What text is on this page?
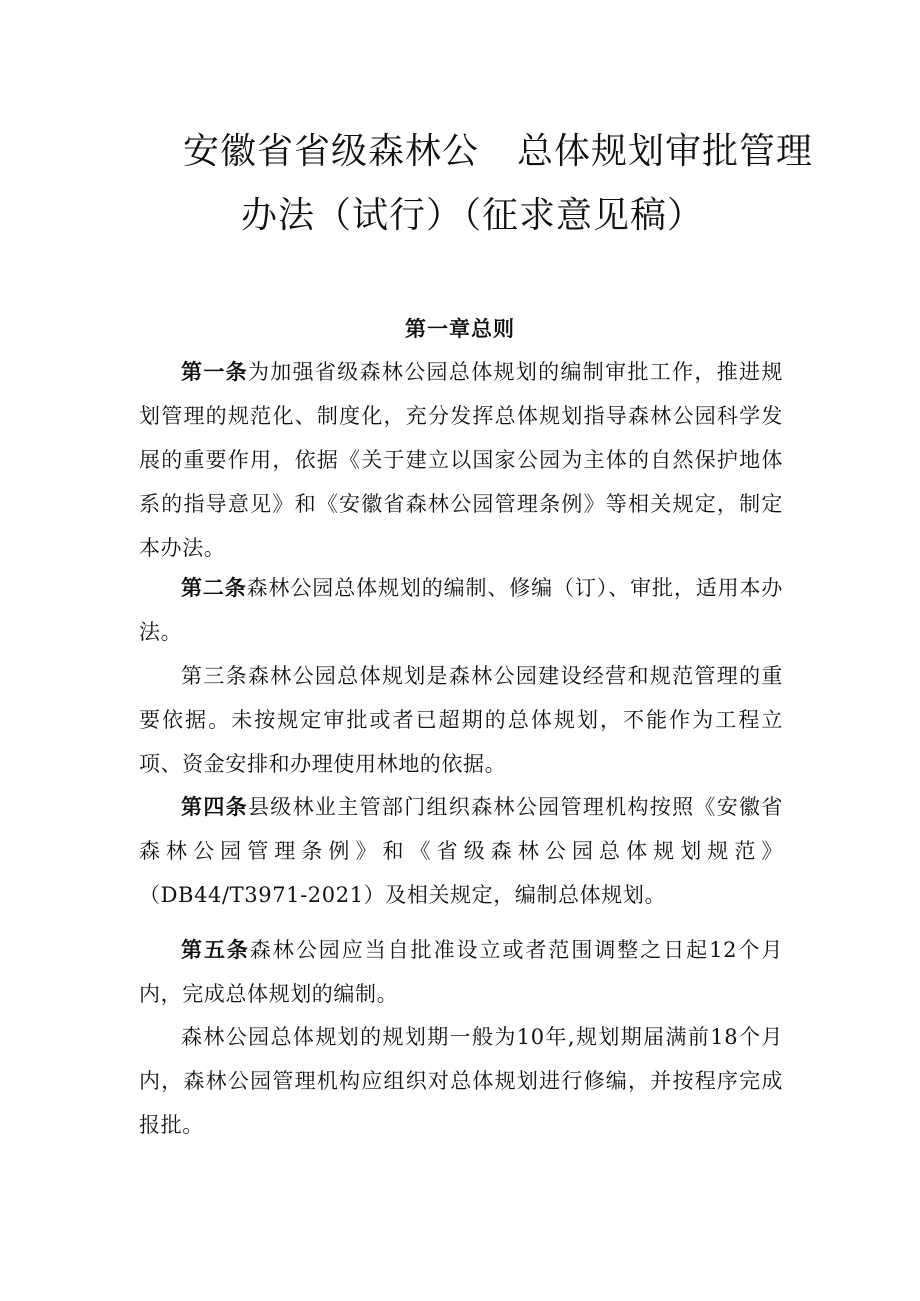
安徽省省级森林公 总体规划审批管理
办法（试行）（征求意见稿）
第一章总则
第一条为加强省级森林公园总体规划的编制审批工作，推进规划管理的规范化、制度化，充分发挥总体规划指导森林公园科学发展的重要作用，依据《关于建立以国家公园为主体的自然保护地体系的指导意见》和《安徽省森林公园管理条例》等相关规定，制定本办法。
第二条森林公园总体规划的编制、修编（订）、审批，适用本办法。
第三条森林公园总体规划是森林公园建设经营和规范管理的重要依据。未按规定审批或者已超期的总体规划，不能作为工程立项、资金安排和办理使用林地的依据。
第四条县级林业主管部门组织森林公园管理机构按照《安徽省森林公园管理条例》和《省级森林公园总体规划规范》（DB44/T3971-2021）及相关规定，编制总体规划。
第五条森林公园应当自批准设立或者范围调整之日起12个月内，完成总体规划的编制。
森林公园总体规划的规划期一般为10年,规划期届满前18个月内，森林公园管理机构应组织对总体规划进行修编，并按程序完成报批。
